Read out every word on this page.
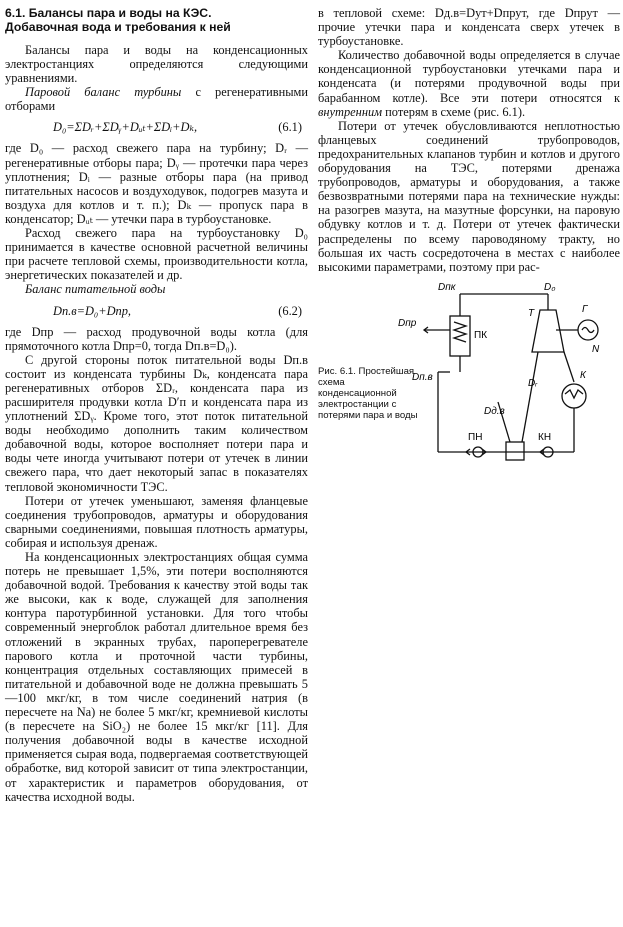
6.1. Балансы пара и воды на КЭС.
Добавочная вода и требования к ней

Балансы пара и воды на конденсационных электростанциях определяются следующими уравнениями.

Паровой баланс турбины с регенеративными отборами

D₀=ΣDᵣ+ΣDᵧ+Dᵤₜ+ΣDᵢ+Dₖ,	(6.1)

где D₀ — расход свежего пара на турбину; Dᵣ — регенеративные отборы пара; Dᵧ — протечки пара через уплотнения; Dᵢ — разные отборы пара (на привод питательных насосов и воздуходувок, подогрев мазута и воздуха для котлов и т. п.); Dₖ — пропуск пара в конденсатор; Dᵤₜ — утечки пара в турбоустановке.

Расход свежего пара на турбоустановку D₀ принимается в качестве основной расчетной величины при расчете тепловой схемы, производительности котла, энергетических показателей и др.

Баланс питательной воды

Dп.в=D₀+Dпр,	(6.2)

где Dпр — расход продувочной воды котла (для прямоточного котла Dпр=0, тогда Dп.в=D₀).

С другой стороны поток питательной воды Dп.в состоит из конденсата турбины Dₖ, конденсата пара регенеративных отборов ΣDᵣ, конденсата пара из расширителя продувки котла D′п и конденсата пара из уплотнений ΣDᵧ. Кроме того, этот поток питательной воды необходимо дополнить таким количеством добавочной воды, которое восполняет потери пара и воды чете иногда учитывают потери от утечек в линии свежего пара, что дает некоторый запас в показателях тепловой экономичности ТЭС.

Потери от утечек уменьшают, заменяя фланцевые соединения трубопроводов, арматуры и оборудования сварными соединениями, повышая плотность арматуры, собирая и используя дренаж.

На конденсационных электростанциях общая сумма потерь не превышает 1,5%, эти потери восполняются добавочной водой. Требования к качеству этой воды так же высоки, как к воде, служащей для заполнения контура паротурбинной установки. Для того чтобы современный энергоблок работал длительное время без отложений в экранных трубах, пароперегревателе парового котла и проточной части турбины, концентрация отдельных составляющих примесей в питательной и добавочной воде не должна превышать 5—100 мкг/кг, в том числе соединений натрия (в пересчете на Na) не более 5 мкг/кг, кремниевой кислоты (в пересчете на SiO₂) не более 15 мкг/кг [11]. Для получения добавочной воды в качестве исходной применяется сырая вода, подвергаемая соответствующей обработке, вид которой зависит от типа электростанции, от характеристик и параметров оборудования, от качества исходной воды.

в тепловой схеме: Dд.в=Dут+Dпрут, где Dпрут — прочие утечки пара и конденсата сверх утечек в турбоустановке.

Количество добавочной воды определяется в случае конденсационной турбоустановки утечками пара и конденсата (и потерями продувочной воды при барабанном котле). Все эти потери относятся к внутренним потерям в схеме (рис. 6.1).

Потери от утечек обусловливаются неплотностью фланцевых соединений трубопроводов, предохранительных клапанов турбин и котлов и другого оборудования на ТЭС, потерями дренажа трубопроводов, арматуры и оборудования, а также безвозвратными потерями пара на технические нужды: на разогрев мазута, на мазутные форсунки, на паровую обдувку котлов и т. д. Потери от утечек фактически распределены по всему пароводяному тракту, но большая их часть сосредоточена в местах с наиболее высокими параметрами, поэтому при рас-

Рис. 6.1. Простейшая схема конденсационной электростанции с потерями пара и воды
Dпк	D₀
Dпр
ПК
Т	Г
N
Dп.в
Dᵣ
К
Dд.в
ПН	КН
